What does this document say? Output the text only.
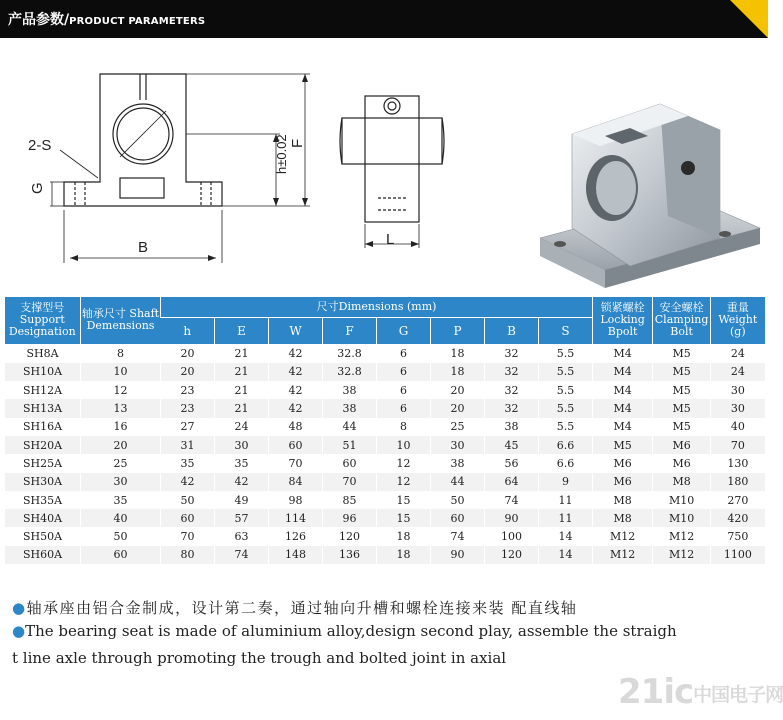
产品参数/PRODUCT PARAMETERS
2-S
G
B
h±0.02 F
L
支撑型号 Support Designation	轴承尺寸 Shaft Demensions	尺寸Dimensions (mm)								锁紧螺栓 Locking Bpolt	安全螺栓 Clamping Bolt	重量 Weight (g)
		h	E	W	F	G	P	B	S			
SH8A	8	20	21	42	32.8	6	18	32	5.5	M4	M5	24
SH10A	10	20	21	42	32.8	6	18	32	5.5	M4	M5	24
SH12A	12	23	21	42	38	6	20	32	5.5	M4	M5	30
SH13A	13	23	21	42	38	6	20	32	5.5	M4	M5	30
SH16A	16	27	24	48	44	8	25	38	5.5	M4	M5	40
SH20A	20	31	30	60	51	10	30	45	6.6	M5	M6	70
SH25A	25	35	35	70	60	12	38	56	6.6	M6	M6	130
SH30A	30	42	42	84	70	12	44	64	9	M6	M8	180
SH35A	35	50	49	98	85	15	50	74	11	M8	M10	270
SH40A	40	60	57	114	96	15	60	90	11	M8	M10	420
SH50A	50	70	63	126	120	18	74	100	14	M12	M12	750
SH60A	60	80	74	148	136	18	90	120	14	M12	M12	1100
●轴承座由铝合金制成，设计第二奏，通过轴向升槽和螺栓连接来装 配直线轴
●The bearing seat is made of aluminium alloy,design second play, assemble the straigh
t line axle through promoting the trough and bolted joint in axial
21ic中国电子网
